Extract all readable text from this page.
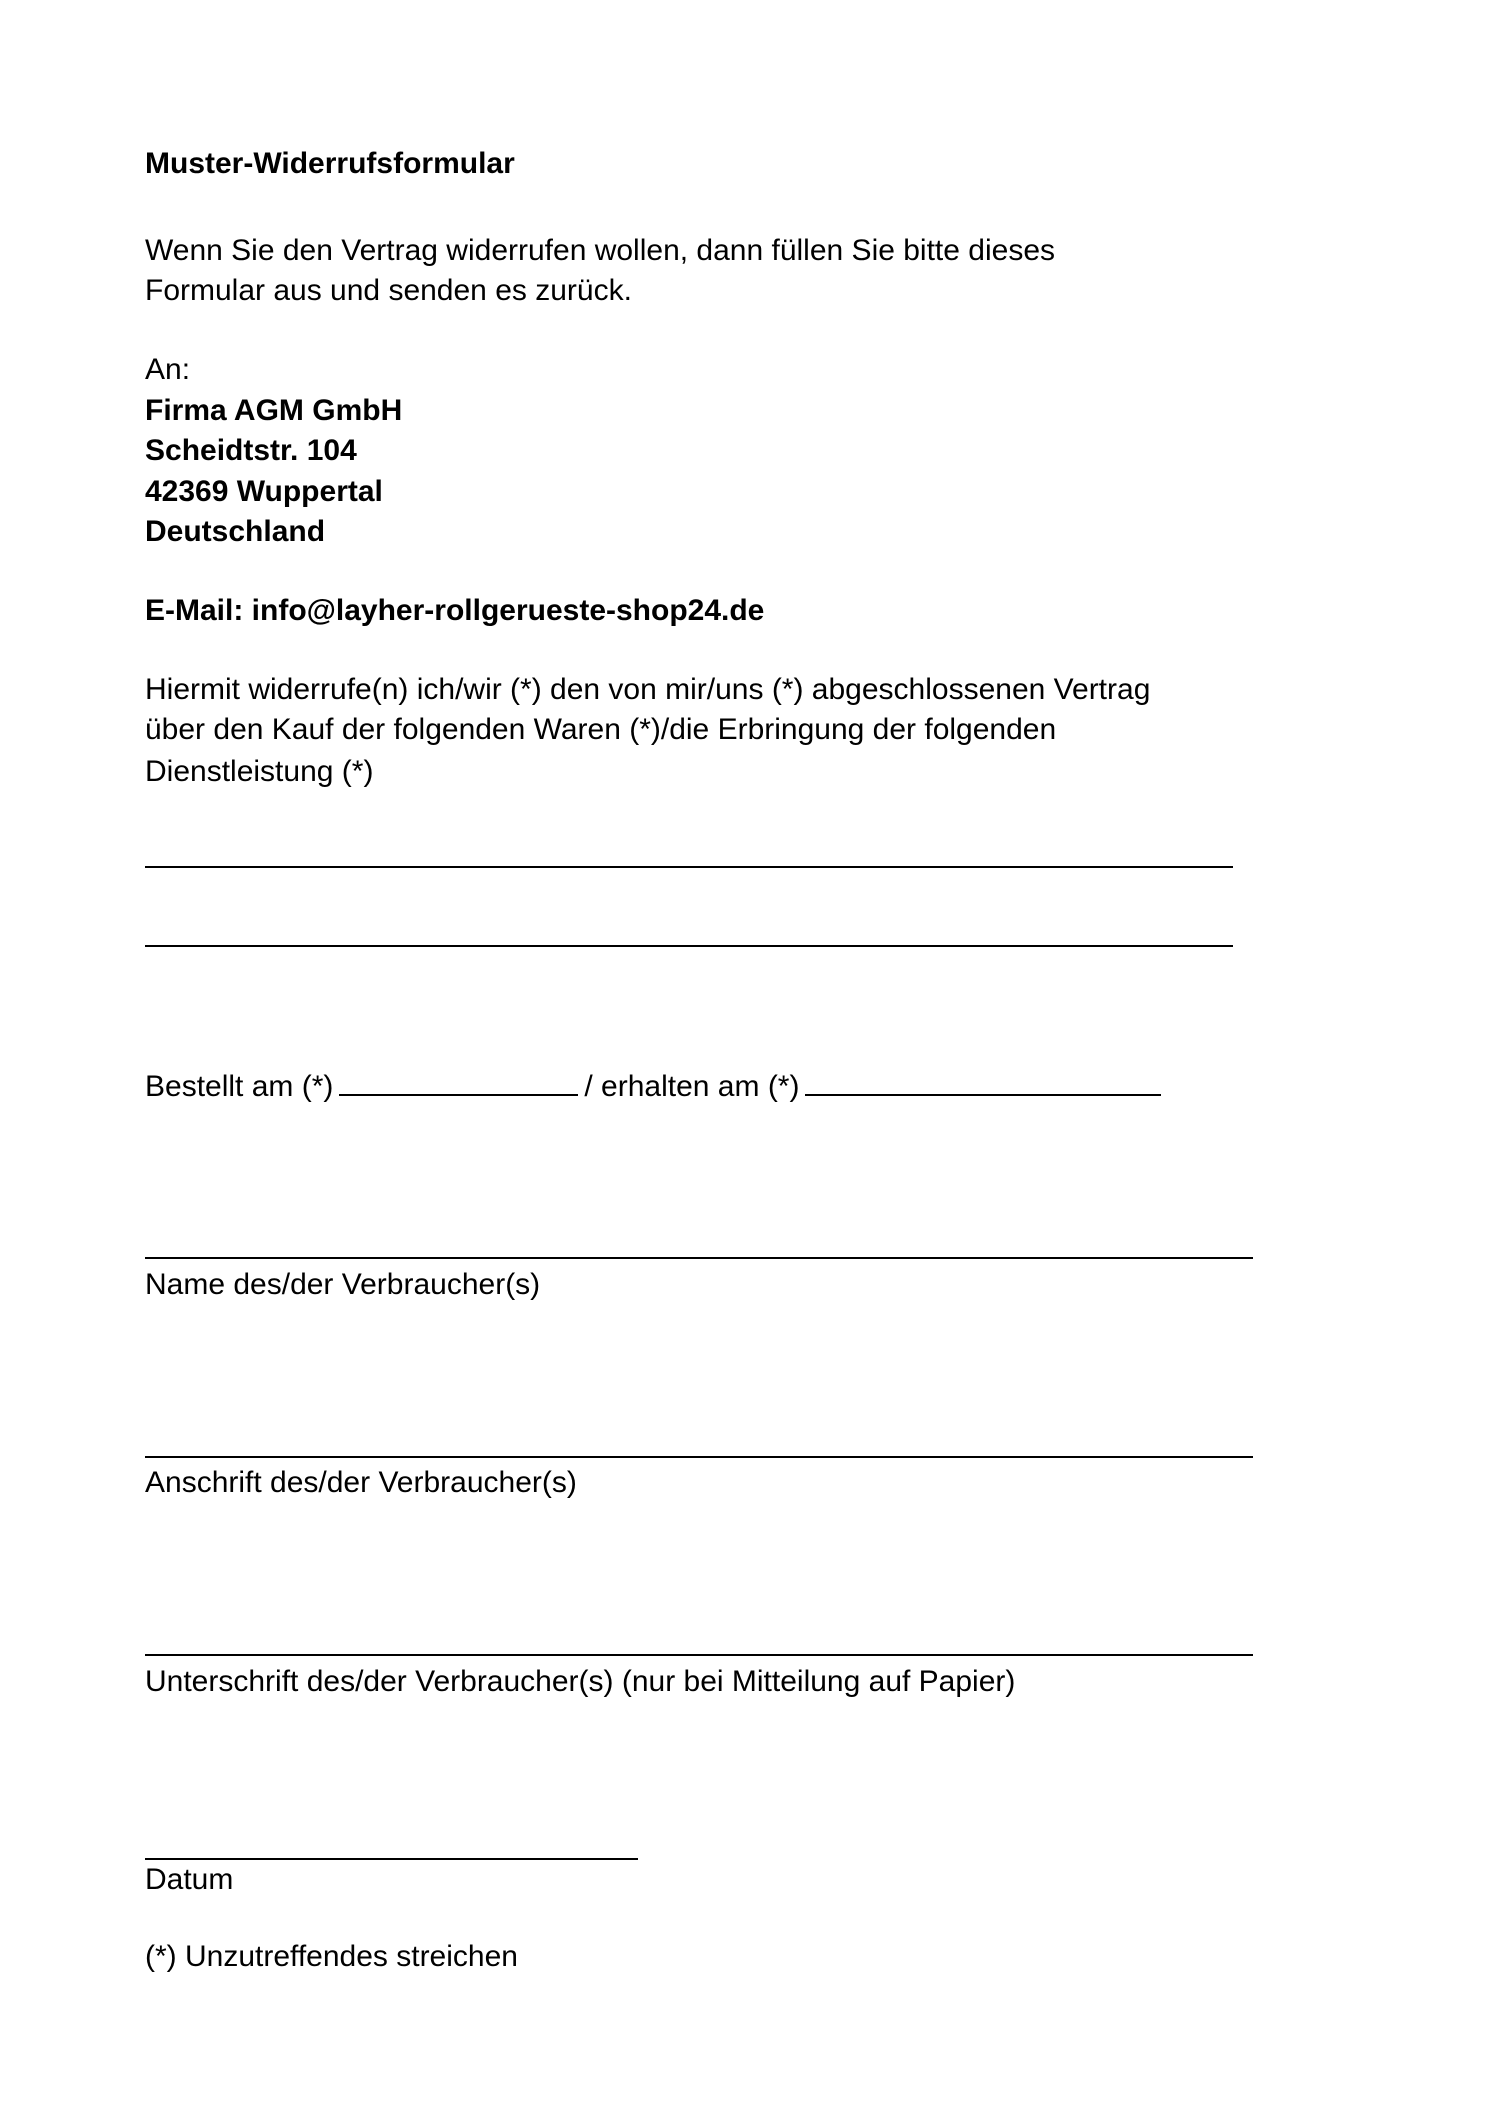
Muster-Widerrufsformular
Wenn Sie den Vertrag widerrufen wollen, dann füllen Sie bitte dieses
Formular aus und senden es zurück.
An:
Firma AGM GmbH
Scheidtstr. 104
42369 Wuppertal
Deutschland
E-Mail: info@layher-rollgerueste-shop24.de
Hiermit widerrufe(n) ich/wir (*) den von mir/uns (*) abgeschlossenen Vertrag
über den Kauf der folgenden Waren (*)/die Erbringung der folgenden
Dienstleistung (*)
Bestellt am (*)	/ erhalten am (*)
Name des/der Verbraucher(s)
Anschrift des/der Verbraucher(s)
Unterschrift des/der Verbraucher(s) (nur bei Mitteilung auf Papier)
Datum
(*) Unzutreffendes streichen
